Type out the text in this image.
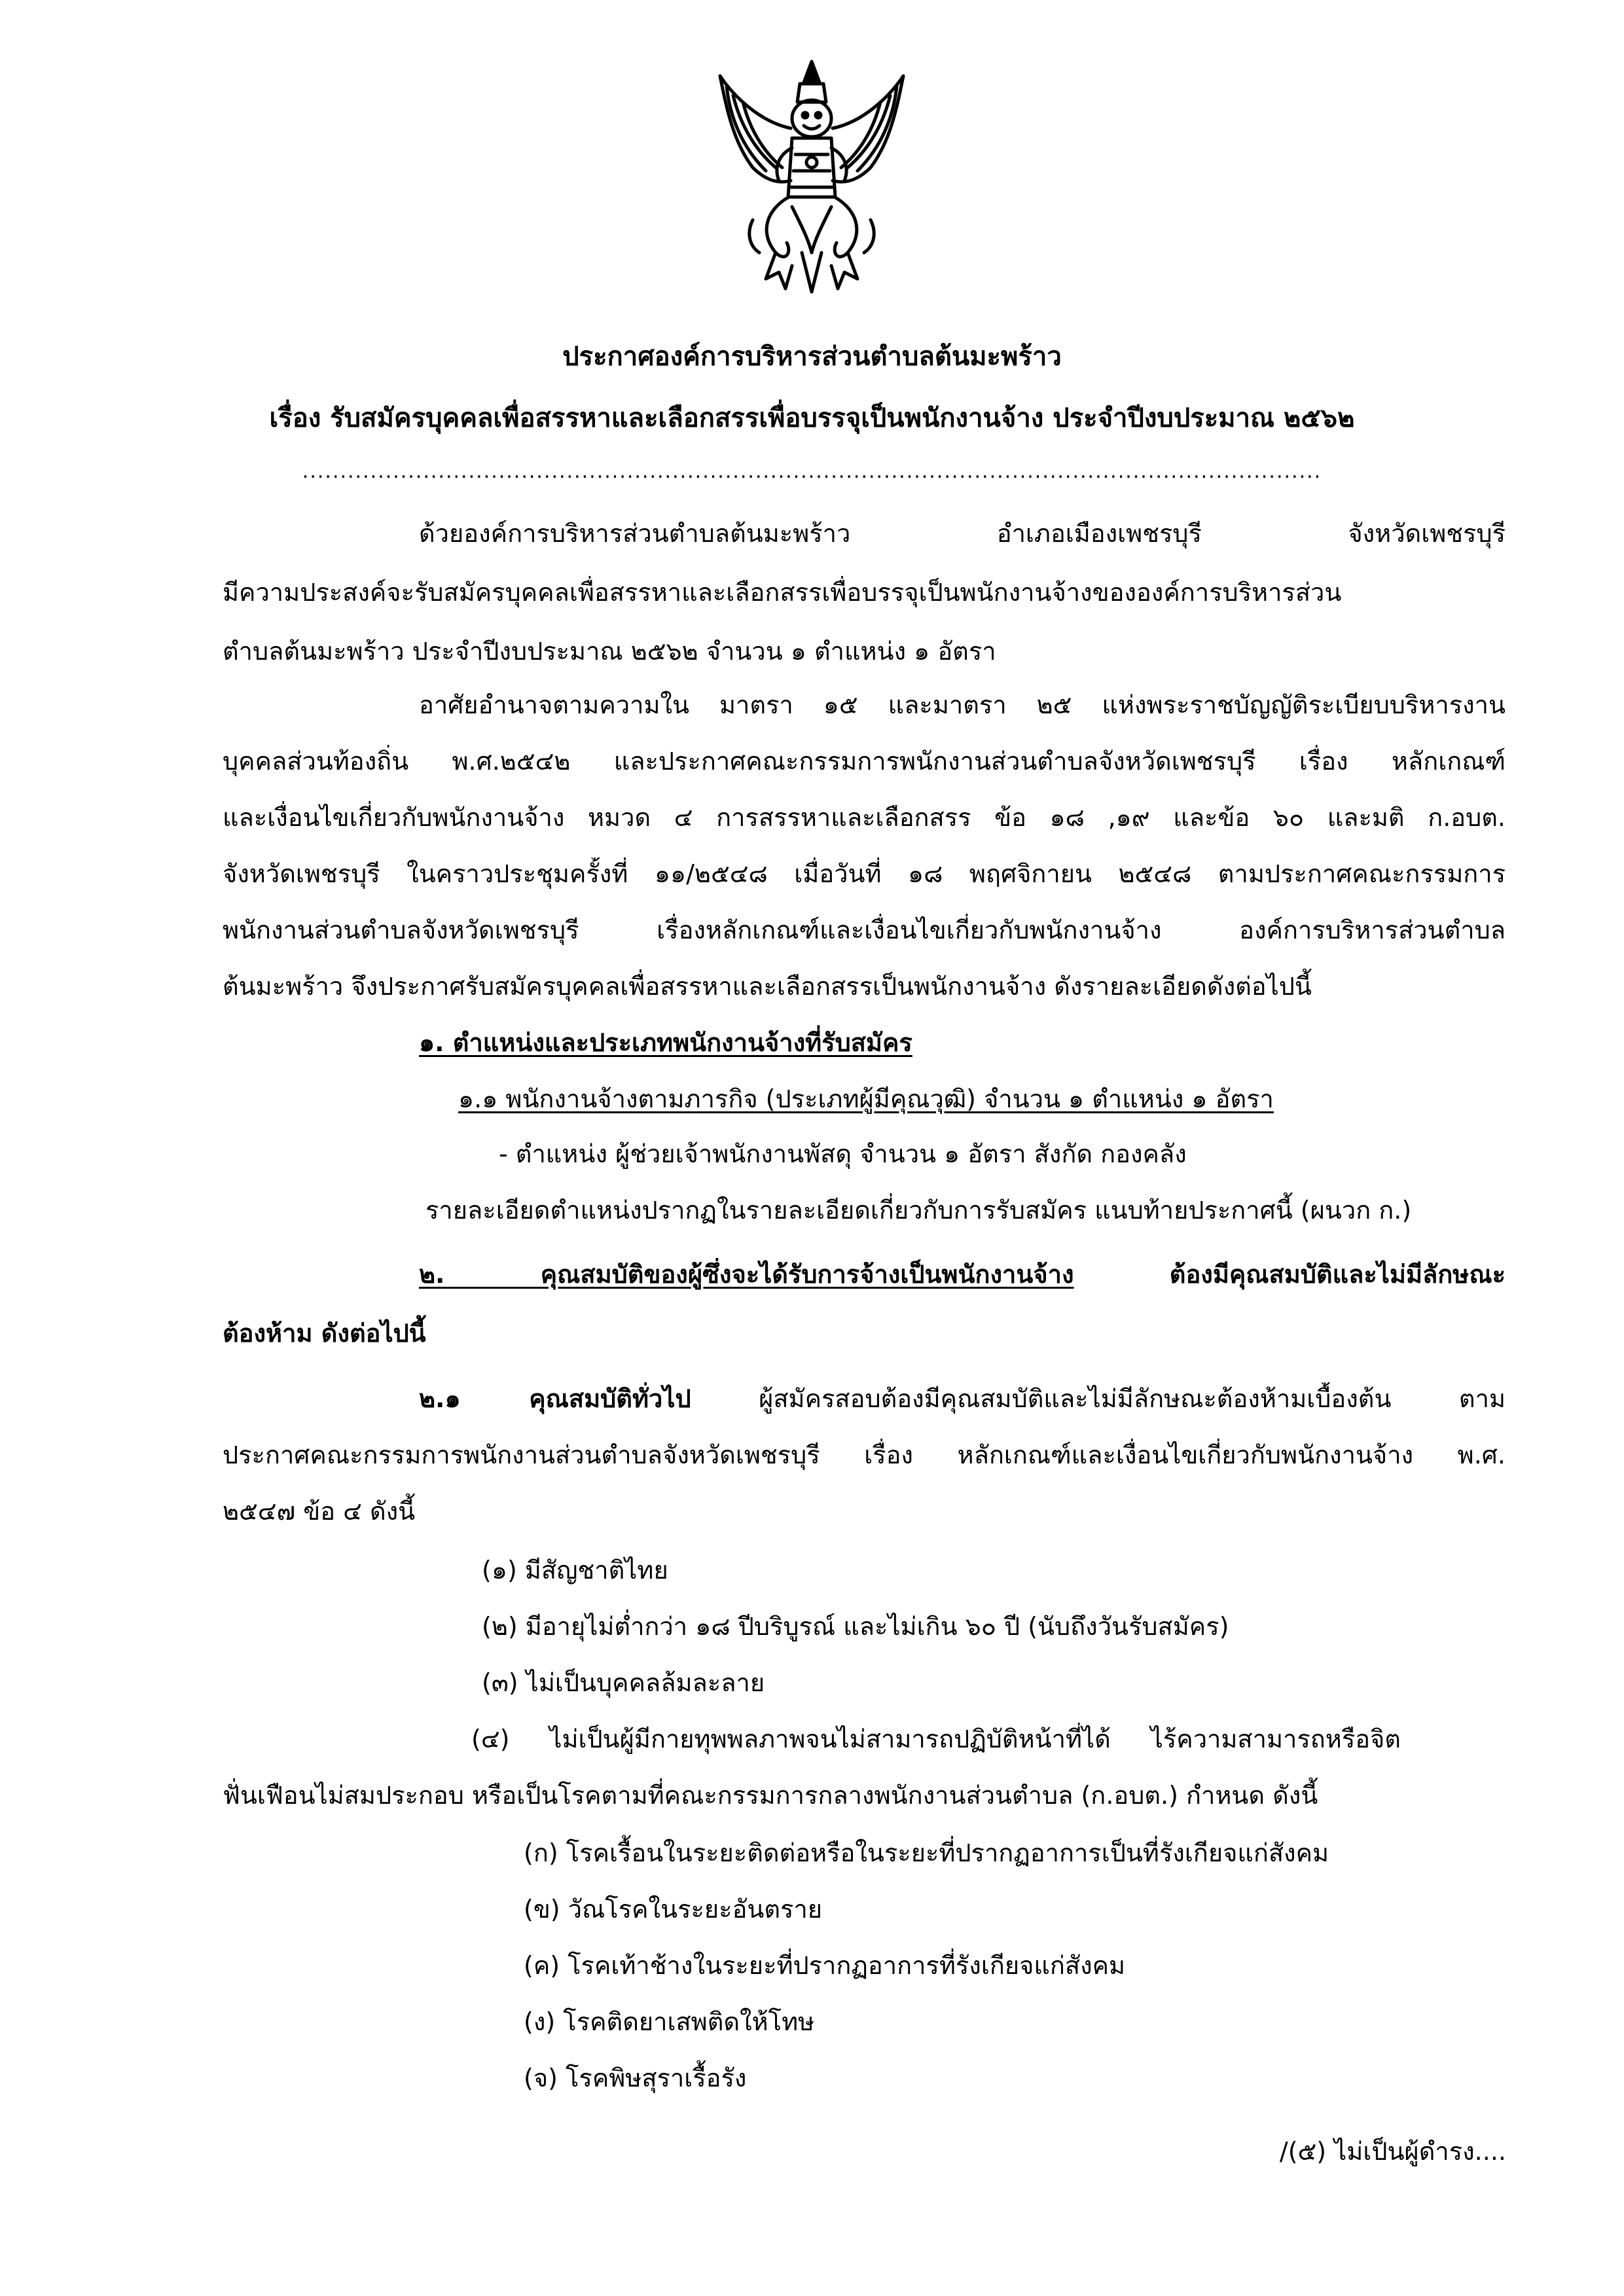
ประกาศองค์การบริหารส่วนตำบลต้นมะพร้าว
เรื่อง รับสมัครบุคคลเพื่อสรรหาและเลือกสรรเพื่อบรรจุเป็นพนักงานจ้าง ประจำปีงบประมาณ ๒๕๖๒
.......................................................................................................................................
ด้วยองค์การบริหารส่วนตำบลต้นมะพร้าว อำเภอเมืองเพชรบุรี จังหวัดเพชรบุรี
มีความประสงค์จะรับสมัครบุคคลเพื่อสรรหาและเลือกสรรเพื่อบรรจุเป็นพนักงานจ้างขององค์การบริหารส่วน
ตำบลต้นมะพร้าว ประจำปีงบประมาณ ๒๕๖๒ จำนวน ๑ ตำแหน่ง ๑ อัตรา
อาศัยอำนาจตามความใน มาตรา ๑๕ และมาตรา ๒๕ แห่งพระราชบัญญัติระเบียบบริหารงาน
บุคคลส่วนท้องถิ่น พ.ศ.๒๕๔๒ และประกาศคณะกรรมการพนักงานส่วนตำบลจังหวัดเพชรบุรี เรื่อง หลักเกณฑ์
และเงื่อนไขเกี่ยวกับพนักงานจ้าง หมวด ๔ การสรรหาและเลือกสรร ข้อ ๑๘ ,๑๙ และข้อ ๖๐ และมติ ก.อบต.
จังหวัดเพชรบุรี ในคราวประชุมครั้งที่ ๑๑/๒๕๔๘ เมื่อวันที่ ๑๘ พฤศจิกายน ๒๕๔๘ ตามประกาศคณะกรรมการ
พนักงานส่วนตำบลจังหวัดเพชรบุรี เรื่องหลักเกณฑ์และเงื่อนไขเกี่ยวกับพนักงานจ้าง องค์การบริหารส่วนตำบล
ต้นมะพร้าว จึงประกาศรับสมัครบุคคลเพื่อสรรหาและเลือกสรรเป็นพนักงานจ้าง ดังรายละเอียดดังต่อไปนี้
๑. ตำแหน่งและประเภทพนักงานจ้างที่รับสมัคร
๑.๑ พนักงานจ้างตามภารกิจ (ประเภทผู้มีคุณวุฒิ) จำนวน ๑ ตำแหน่ง ๑ อัตรา
- ตำแหน่ง ผู้ช่วยเจ้าพนักงานพัสดุ จำนวน ๑ อัตรา สังกัด กองคลัง
รายละเอียดตำแหน่งปรากฏในรายละเอียดเกี่ยวกับการรับสมัคร แนบท้ายประกาศนี้ (ผนวก ก.)
๒. คุณสมบัติของผู้ซึ่งจะได้รับการจ้างเป็นพนักงานจ้าง ต้องมีคุณสมบัติและไม่มีลักษณะ
ต้องห้าม ดังต่อไปนี้
๒.๑ คุณสมบัติทั่วไป ผู้สมัครสอบต้องมีคุณสมบัติและไม่มีลักษณะต้องห้ามเบื้องต้น ตาม
ประกาศคณะกรรมการพนักงานส่วนตำบลจังหวัดเพชรบุรี เรื่อง หลักเกณฑ์และเงื่อนไขเกี่ยวกับพนักงานจ้าง พ.ศ.
๒๕๔๗ ข้อ ๔ ดังนี้
(๑) มีสัญชาติไทย
(๒) มีอายุไม่ต่ำกว่า ๑๘ ปีบริบูรณ์ และไม่เกิน ๖๐ ปี (นับถึงวันรับสมัคร)
(๓) ไม่เป็นบุคคลล้มละลาย
(๔) ไม่เป็นผู้มีกายทุพพลภาพจนไม่สามารถปฏิบัติหน้าที่ได้ ไร้ความสามารถหรือจิต
ฟั่นเฟือนไม่สมประกอบ หรือเป็นโรคตามที่คณะกรรมการกลางพนักงานส่วนตำบล (ก.อบต.) กำหนด ดังนี้
(ก) โรคเรื้อนในระยะติดต่อหรือในระยะที่ปรากฏอาการเป็นที่รังเกียจแก่สังคม
(ข) วัณโรคในระยะอันตราย
(ค) โรคเท้าช้างในระยะที่ปรากฏอาการที่รังเกียจแก่สังคม
(ง) โรคติดยาเสพติดให้โทษ
(จ) โรคพิษสุราเรื้อรัง
/(๕) ไม่เป็นผู้ดำรง....
